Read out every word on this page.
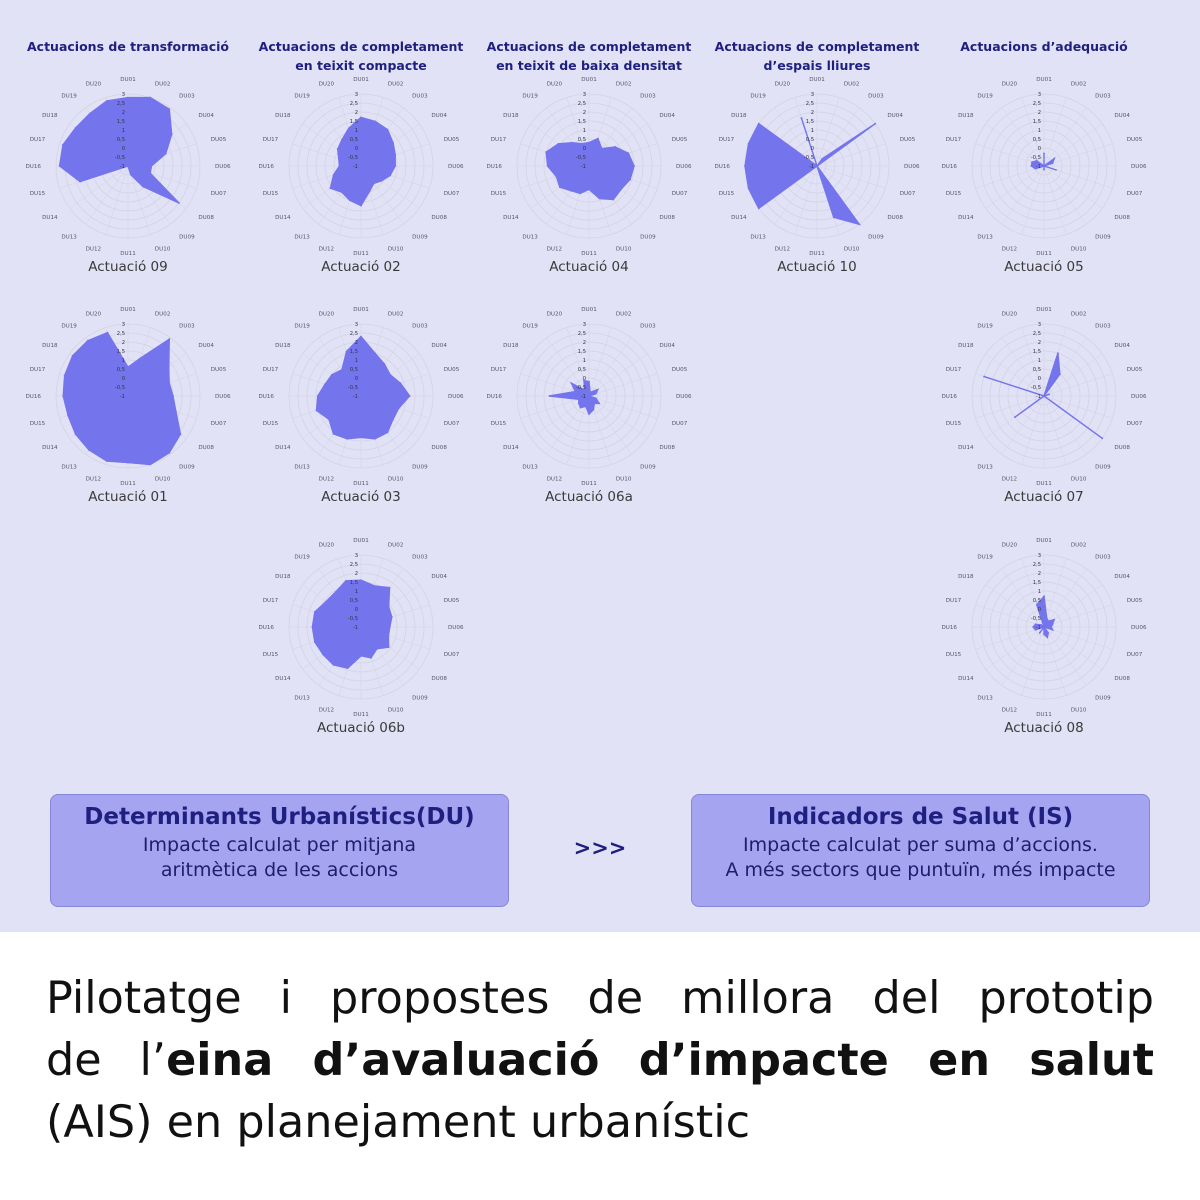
Actuacions de transformació	Actuacions de completament
en teixit compacte
Actuacions de completament
en teixit de baixa densitat
Actuacions de completament
d’espais lliures
Actuacions d’adequació
-1
-0,5
0
0,5
1
1,5
2
2,5
3
DU01
DU02
DU03
DU04
DU05
DU06
DU07
DU08
DU09
DU10
DU11
DU12
DU13
DU14
DU15
DU16
DU17
DU18
DU19
DU20
Actuació 09
-1
-0,5
0
0,5
1
1,5
2
2,5
3
DU01
DU02
DU03
DU04
DU05
DU06
DU07
DU08
DU09
DU10
DU11
DU12
DU13
DU14
DU15
DU16
DU17
DU18
DU19
DU20
Actuació 02
-1
-0,5
0
0,5
1
1,5
2
2,5
3
DU01
DU02
DU03
DU04
DU05
DU06
DU07
DU08
DU09
DU10
DU11
DU12
DU13
DU14
DU15
DU16
DU17
DU18
DU19
DU20
Actuació 04
-1
-0,5
0
0,5
1
1,5
2
2,5
3
DU01
DU02
DU03
DU04
DU05
DU06
DU07
DU08
DU09
DU10
DU11
DU12
DU13
DU14
DU15
DU16
DU17
DU18
DU19
DU20
Actuació 10
-1
-0,5
0
0,5
1
1,5
2
2,5
3
DU01
DU02
DU03
DU04
DU05
DU06
DU07
DU08
DU09
DU10
DU11
DU12
DU13
DU14
DU15
DU16
DU17
DU18
DU19
DU20
Actuació 05
-1
-0,5
0
0,5
1
1,5
2
2,5
3
DU01
DU02
DU03
DU04
DU05
DU06
DU07
DU08
DU09
DU10
DU11
DU12
DU13
DU14
DU15
DU16
DU17
DU18
DU19
DU20
Actuació 01
-1
-0,5
0
0,5
1
1,5
2
2,5
3
DU01
DU02
DU03
DU04
DU05
DU06
DU07
DU08
DU09
DU10
DU11
DU12
DU13
DU14
DU15
DU16
DU17
DU18
DU19
DU20
Actuació 03
-1
-0,5
0
0,5
1
1,5
2
2,5
3
DU01
DU02
DU03
DU04
DU05
DU06
DU07
DU08
DU09
DU10
DU11
DU12
DU13
DU14
DU15
DU16
DU17
DU18
DU19
DU20
Actuació 06a
-1
-0,5
0
0,5
1
1,5
2
2,5
3
DU01
DU02
DU03
DU04
DU05
DU06
DU07
DU08
DU09
DU10
DU11
DU12
DU13
DU14
DU15
DU16
DU17
DU18
DU19
DU20
Actuació 07
-1
-0,5
0
0,5
1
1,5
2
2,5
3
DU01
DU02
DU03
DU04
DU05
DU06
DU07
DU08
DU09
DU10
DU11
DU12
DU13
DU14
DU15
DU16
DU17
DU18
DU19
DU20
Actuació 06b
-1
-0,5
0
0,5
1
1,5
2
2,5
3
DU01
DU02
DU03
DU04
DU05
DU06
DU07
DU08
DU09
DU10
DU11
DU12
DU13
DU14
DU15
DU16
DU17
DU18
DU19
DU20
Actuació 08
Determinants Urbanístics(DU)
Impacte calculat per mitjana
aritmètica de les accions
>>>
Indicadors de Salut (IS)
Impacte calculat per suma d’accions.
A més sectors que puntuïn, més impacte
Pilotatge i propostes de millora del prototip
de l’eina d’avaluació d’impacte en salut
(AIS) en planejament urbanístic
